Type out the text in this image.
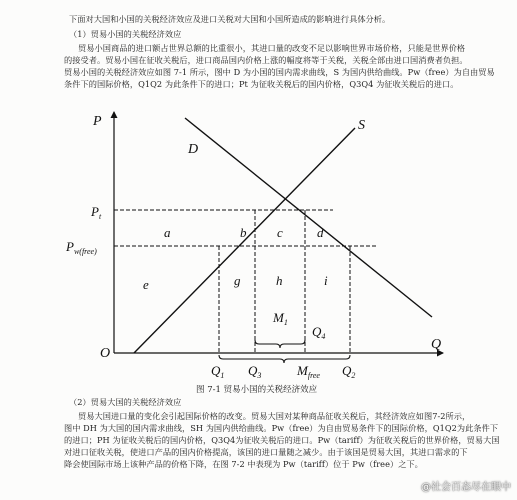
下面对大国和小国的关税经济效应及进口关税对大国和小国所造成的影响进行具体分析。
（1）贸易小国的关税经济效应
贸易小国商品的进口额占世界总额的比重很小，其进口量的改变不足以影响世界市场价格，只能是世界价格
的接受者。贸易小国在征收关税后，进口商品国内价格上涨的幅度将等于关税，关税全部由进口国消费者负担。
贸易小国的关税经济效应如图 7-1 所示，图中 D 为小国的国内需求曲线，S 为国内供给曲线。Pw（free）为自由贸易
条件下的国际价格，Q1Q2 为此条件下的进口；Pt 为征收关税后的国内价格，Q3Q4 为征收关税后的进口。
P
Q
O
D
S
$P_t$
$P_{w(free)}$
a	b c	d
e	g	h	i
$M_1$
$Q_4$
$Q_1$ $Q_3$	$M_{free}$ $Q_2$
图 7-1 贸易小国的关税经济效应
（2）贸易大国的关税经济效应
贸易大国进口量的变化会引起国际价格的改变。贸易大国对某种商品征收关税后，其经济效应如图7-2所示，
图中 DH 为大国的国内需求曲线，SH 为国内供给曲线。Pw（free）为自由贸易条件下的国际价格，Q1Q2为此条件下
的进口；PH 为征收关税后的国内价格，Q3Q4为征收关税后的进口。Pw（tariff）为征收关税后的世界价格，贸易大国
对进口征收关税，使进口产品的国内价格提高，该国的进口量随之减少。由于该国是贸易大国，其进口需求的下
降会使国际市场上该种产品的价格下降，在图 7-2 中表现为 Pw（tariff）位于 Pw（free）之下。
@社会百态尽在眼中
